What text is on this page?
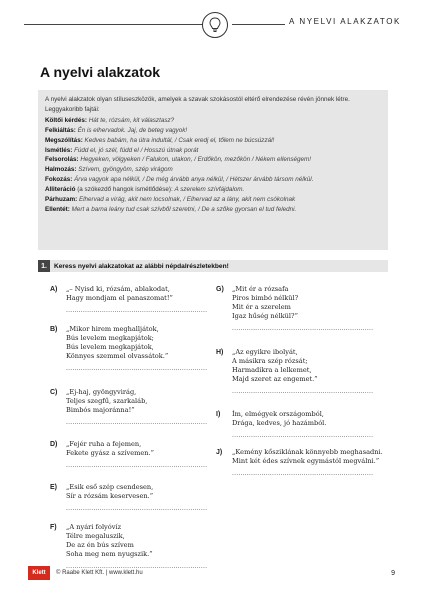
A NYELVI ALAKZATOK
A nyelvi alakzatok
A nyelvi alakzatok olyan stíluseszközök, amelyek a szavak szokásostól eltérő elrendezése révén jönnek létre. Leggyakoribb fajtái:
Költői kérdés: Hát te, rózsám, kit választasz?
Felkiáltás: Én is elhervadok. Jaj, de beteg vagyok!
Megszólítás: Kedves babám, ha útra indultál, / Csak eredj el, tőlem ne búcsúzzál!
Ismétlés: Fúdd el, jó szél, fúdd el / Hosszú útnak porát
Felsorolás: Hegyeken, völgyeken / Falukon, utakon, / Erdőkön, mezőkön / Nékem ellenségem!
Halmozás: Szívem, gyöngyöm, szép virágom
Fokozás: Árva vagyok apa nélkül, / De még árvább anya nélkül, / Hétszer árvább társom nélkül.
Alliteráció (a szókezdő hangok ismétlődése): A szerelem szívfájdalom.
Párhuzam: Elhervad a virág, akit nem locsolnak, / Elhervad az a lány, akit nem csókolnak
Ellentét: Mert a barna leány tud csak szívből szeretni, / De a szőke gyorsan el tud feledni.
1.	Keress nyelvi alakzatokat az alábbi népdalrészletekben!
A) „– Nyisd ki, rózsám, ablakodat,
Hagy mondjam el panaszomat!”
...................................................................
B) „Mikor hirem meghalljátok,
Bús levelem megkapjátok;
Bús levelem megkapjátok,
Könnyes szemmel olvassátok.”
...................................................................
C) „Ej-haj, gyöngyvirág,
Teljes szegfű, szarkaláb,
Bimbós majoránna!”
...................................................................
D) „Fejér ruha a fejemen,
Fekete gyász a szívemen.”
...................................................................
E) „Esik eső szép csendesen,
Sír a rózsám keservesen.”
...................................................................
F) „A nyári folyóvíz
Télre megaluszik,
De az én bús szívem
Soha meg nem nyugszik.”
...................................................................
G) „Mit ér a rózsafa
Piros bimbó nélkül?
Mit ér a szerelem
Igaz hűség nélkül?”
...................................................................
H) „Az egyikre ibolyát,
A másikra szép rózsát;
Harmadikra a lelkemet,
Majd szeret az engemet.”
...................................................................
I) Ím, elmégyek országomból,
Drága, kedves, jó hazámból.
...................................................................
J) „Kemény kősziklának könnyebb meghasadni.
Mint két édes szívnek egymástól megválni.”
...................................................................
Klett	© Raabe Klett Kft. | www.klett.hu	9
